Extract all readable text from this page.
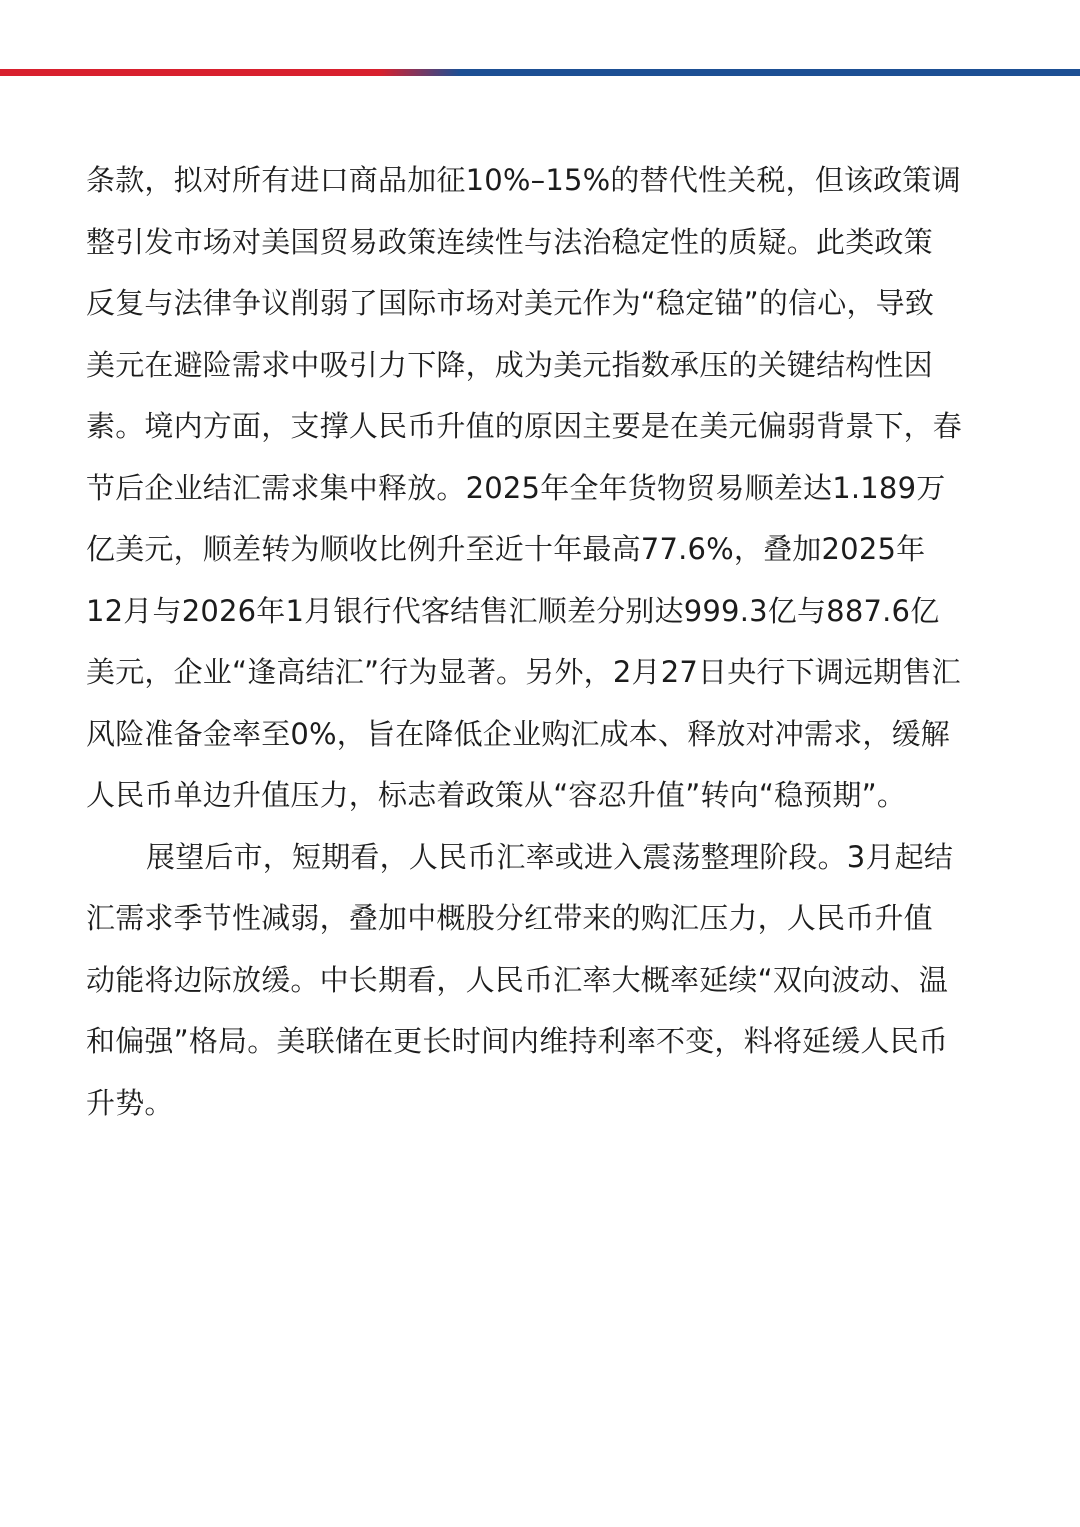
条款，拟对所有进口商品加征10%–15%的替代性关税，但该政策调
整引发市场对美国贸易政策连续性与法治稳定性的质疑。此类政策
反复与法律争议削弱了国际市场对美元作为“稳定锚”的信心，导致
美元在避险需求中吸引力下降，成为美元指数承压的关键结构性因
素。境内方面，支撑人民币升值的原因主要是在美元偏弱背景下，春
节后企业结汇需求集中释放。2025年全年货物贸易顺差达1.189万
亿美元，顺差转为顺收比例升至近十年最高77.6%，叠加2025年
12月与2026年1月银行代客结售汇顺差分别达999.3亿与887.6亿
美元，企业“逢高结汇”行为显著。另外，2月27日央行下调远期售汇
风险准备金率至0%，旨在降低企业购汇成本、释放对冲需求，缓解
人民币单边升值压力，标志着政策从“容忍升值”转向“稳预期”。
展望后市，短期看，人民币汇率或进入震荡整理阶段。3月起结
汇需求季节性减弱，叠加中概股分红带来的购汇压力，人民币升值
动能将边际放缓。中长期看，人民币汇率大概率延续“双向波动、温
和偏强”格局。美联储在更长时间内维持利率不变，料将延缓人民币
升势。
